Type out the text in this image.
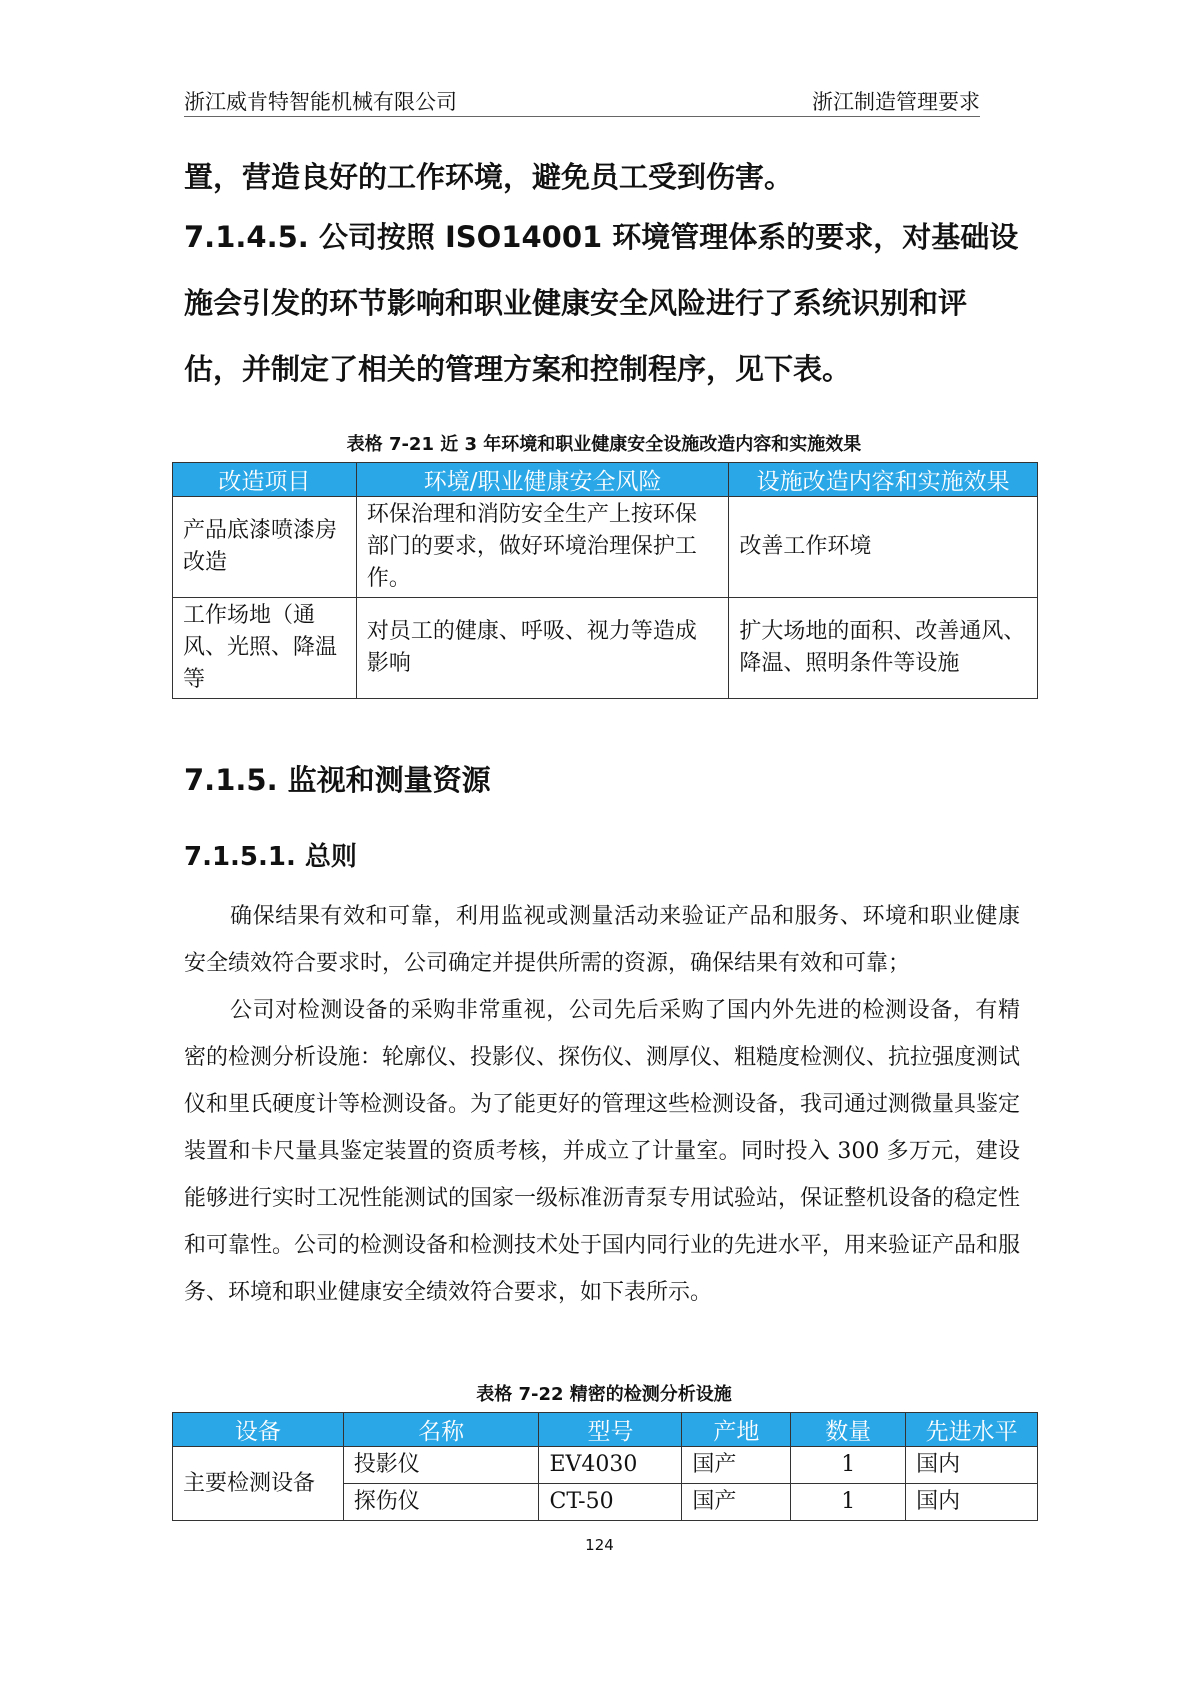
浙江威肯特智能机械有限公司	浙江制造管理要求

置，营造良好的工作环境，避免员工受到伤害。

7.1.4.5. 公司按照 ISO14001 环境管理体系的要求，对基础设施会引发的环节影响和职业健康安全风险进行了系统识别和评估，并制定了相关的管理方案和控制程序，见下表。

表格 7-21 近 3 年环境和职业健康安全设施改造内容和实施效果
改造项目	环境/职业健康安全风险	设施改造内容和实施效果
产品底漆喷漆房改造	环保治理和消防安全生产上按环保部门的要求，做好环境治理保护工作。	改善工作环境
工作场地（通风、光照、降温等	对员工的健康、呼吸、视力等造成影响	扩大场地的面积、改善通风、降温、照明条件等设施
7.1.5. 监视和测量资源
7.1.5.1. 总则

确保结果有效和可靠，利用监视或测量活动来验证产品和服务、环境和职业健康安全绩效符合要求时，公司确定并提供所需的资源，确保结果有效和可靠；

公司对检测设备的采购非常重视，公司先后采购了国内外先进的检测设备，有精密的检测分析设施：轮廓仪、投影仪、探伤仪、测厚仪、粗糙度检测仪、抗拉强度测试仪和里氏硬度计等检测设备。为了能更好的管理这些检测设备，我司通过测微量具鉴定装置和卡尺量具鉴定装置的资质考核，并成立了计量室。同时投入 300 多万元，建设能够进行实时工况性能测试的国家一级标准沥青泵专用试验站，保证整机设备的稳定性和可靠性。公司的检测设备和检测技术处于国内同行业的先进水平，用来验证产品和服务、环境和职业健康安全绩效符合要求，如下表所示。

表格 7-22 精密的检测分析设施
设备	名称	型号	产地	数量	先进水平
主要检测设备	投影仪	EV4030	国产	1	国内
	探伤仪	CT-50	国产	1	国内
124
